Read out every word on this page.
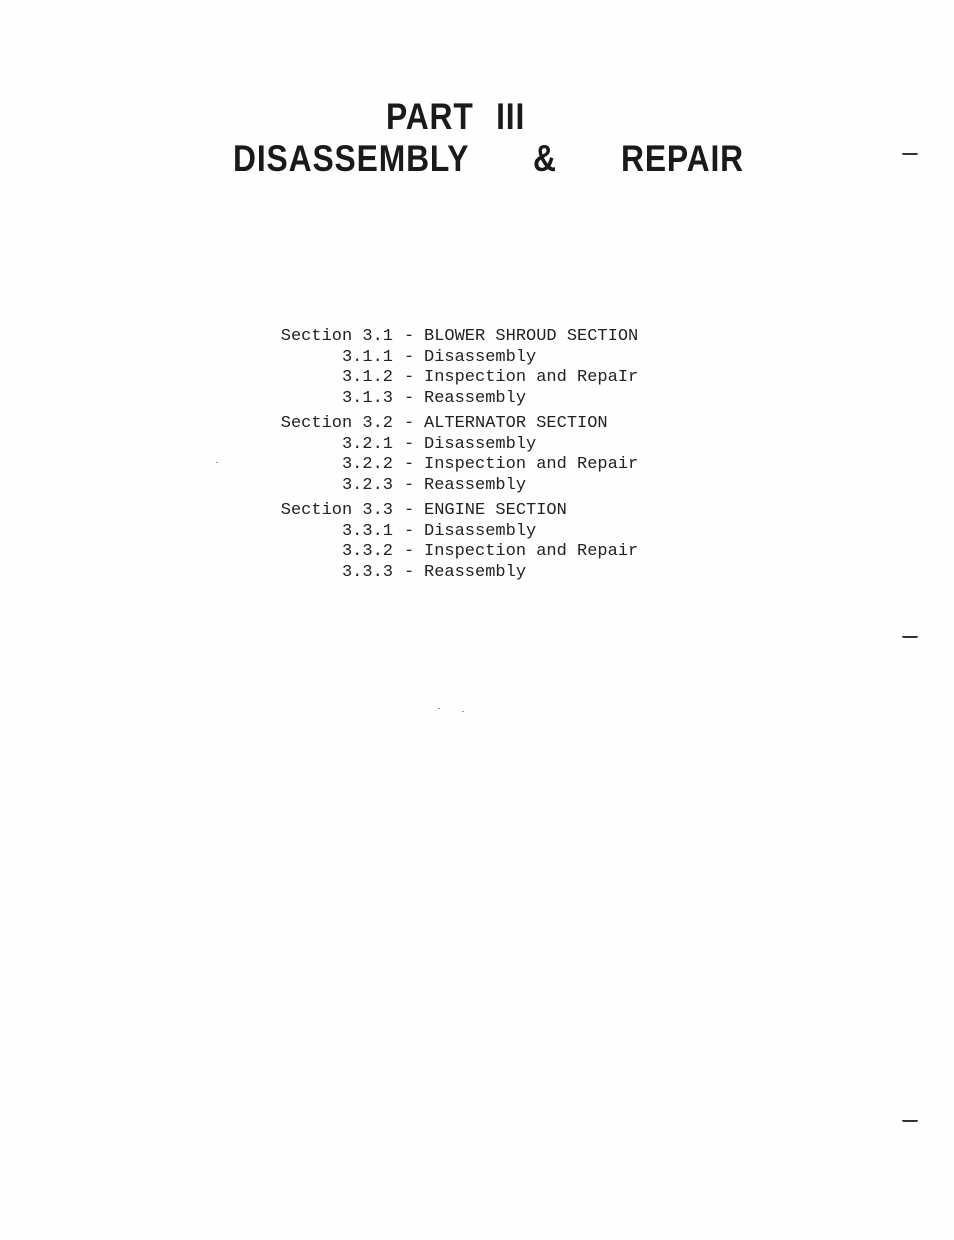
PART III
DISASSEMBLY & REPAIR
Section 3.1 - BLOWER SHROUD SECTION
3.1.1 - Disassembly
3.1.2 - Inspection and RepaIr
3.1.3 - Reassembly
Section 3.2 - ALTERNATOR SECTION
3.2.1 - Disassembly
3.2.2 - Inspection and Repair
3.2.3 - Reassembly
Section 3.3 - ENGINE SECTION
3.3.1 - Disassembly
3.3.2 - Inspection and Repair
3.3.3 - Reassembly
